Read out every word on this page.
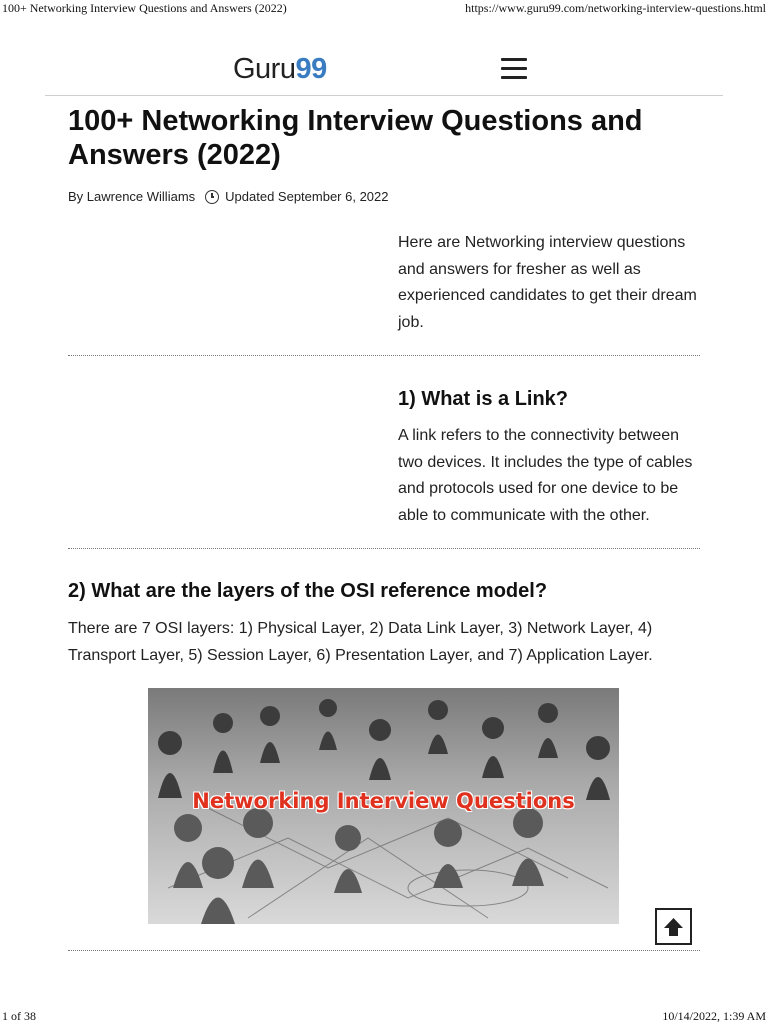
100+ Networking Interview Questions and Answers (2022)	https://www.guru99.com/networking-interview-questions.html
Guru99
100+ Networking Interview Questions and Answers (2022)
By Lawrence Williams Updated September 6, 2022

Here are Networking interview questions and answers for fresher as well as experienced candidates to get their dream job.

1) What is a Link?

A link refers to the connectivity between two devices. It includes the type of cables and protocols used for one device to be able to communicate with the other.

2) What are the layers of the OSI reference model?

There are 7 OSI layers: 1) Physical Layer, 2) Data Link Layer, 3) Network Layer, 4) Transport Layer, 5) Session Layer, 6) Presentation Layer, and 7) Application Layer.

Networking Interview Questions
1 of 38	10/14/2022, 1:39 AM
